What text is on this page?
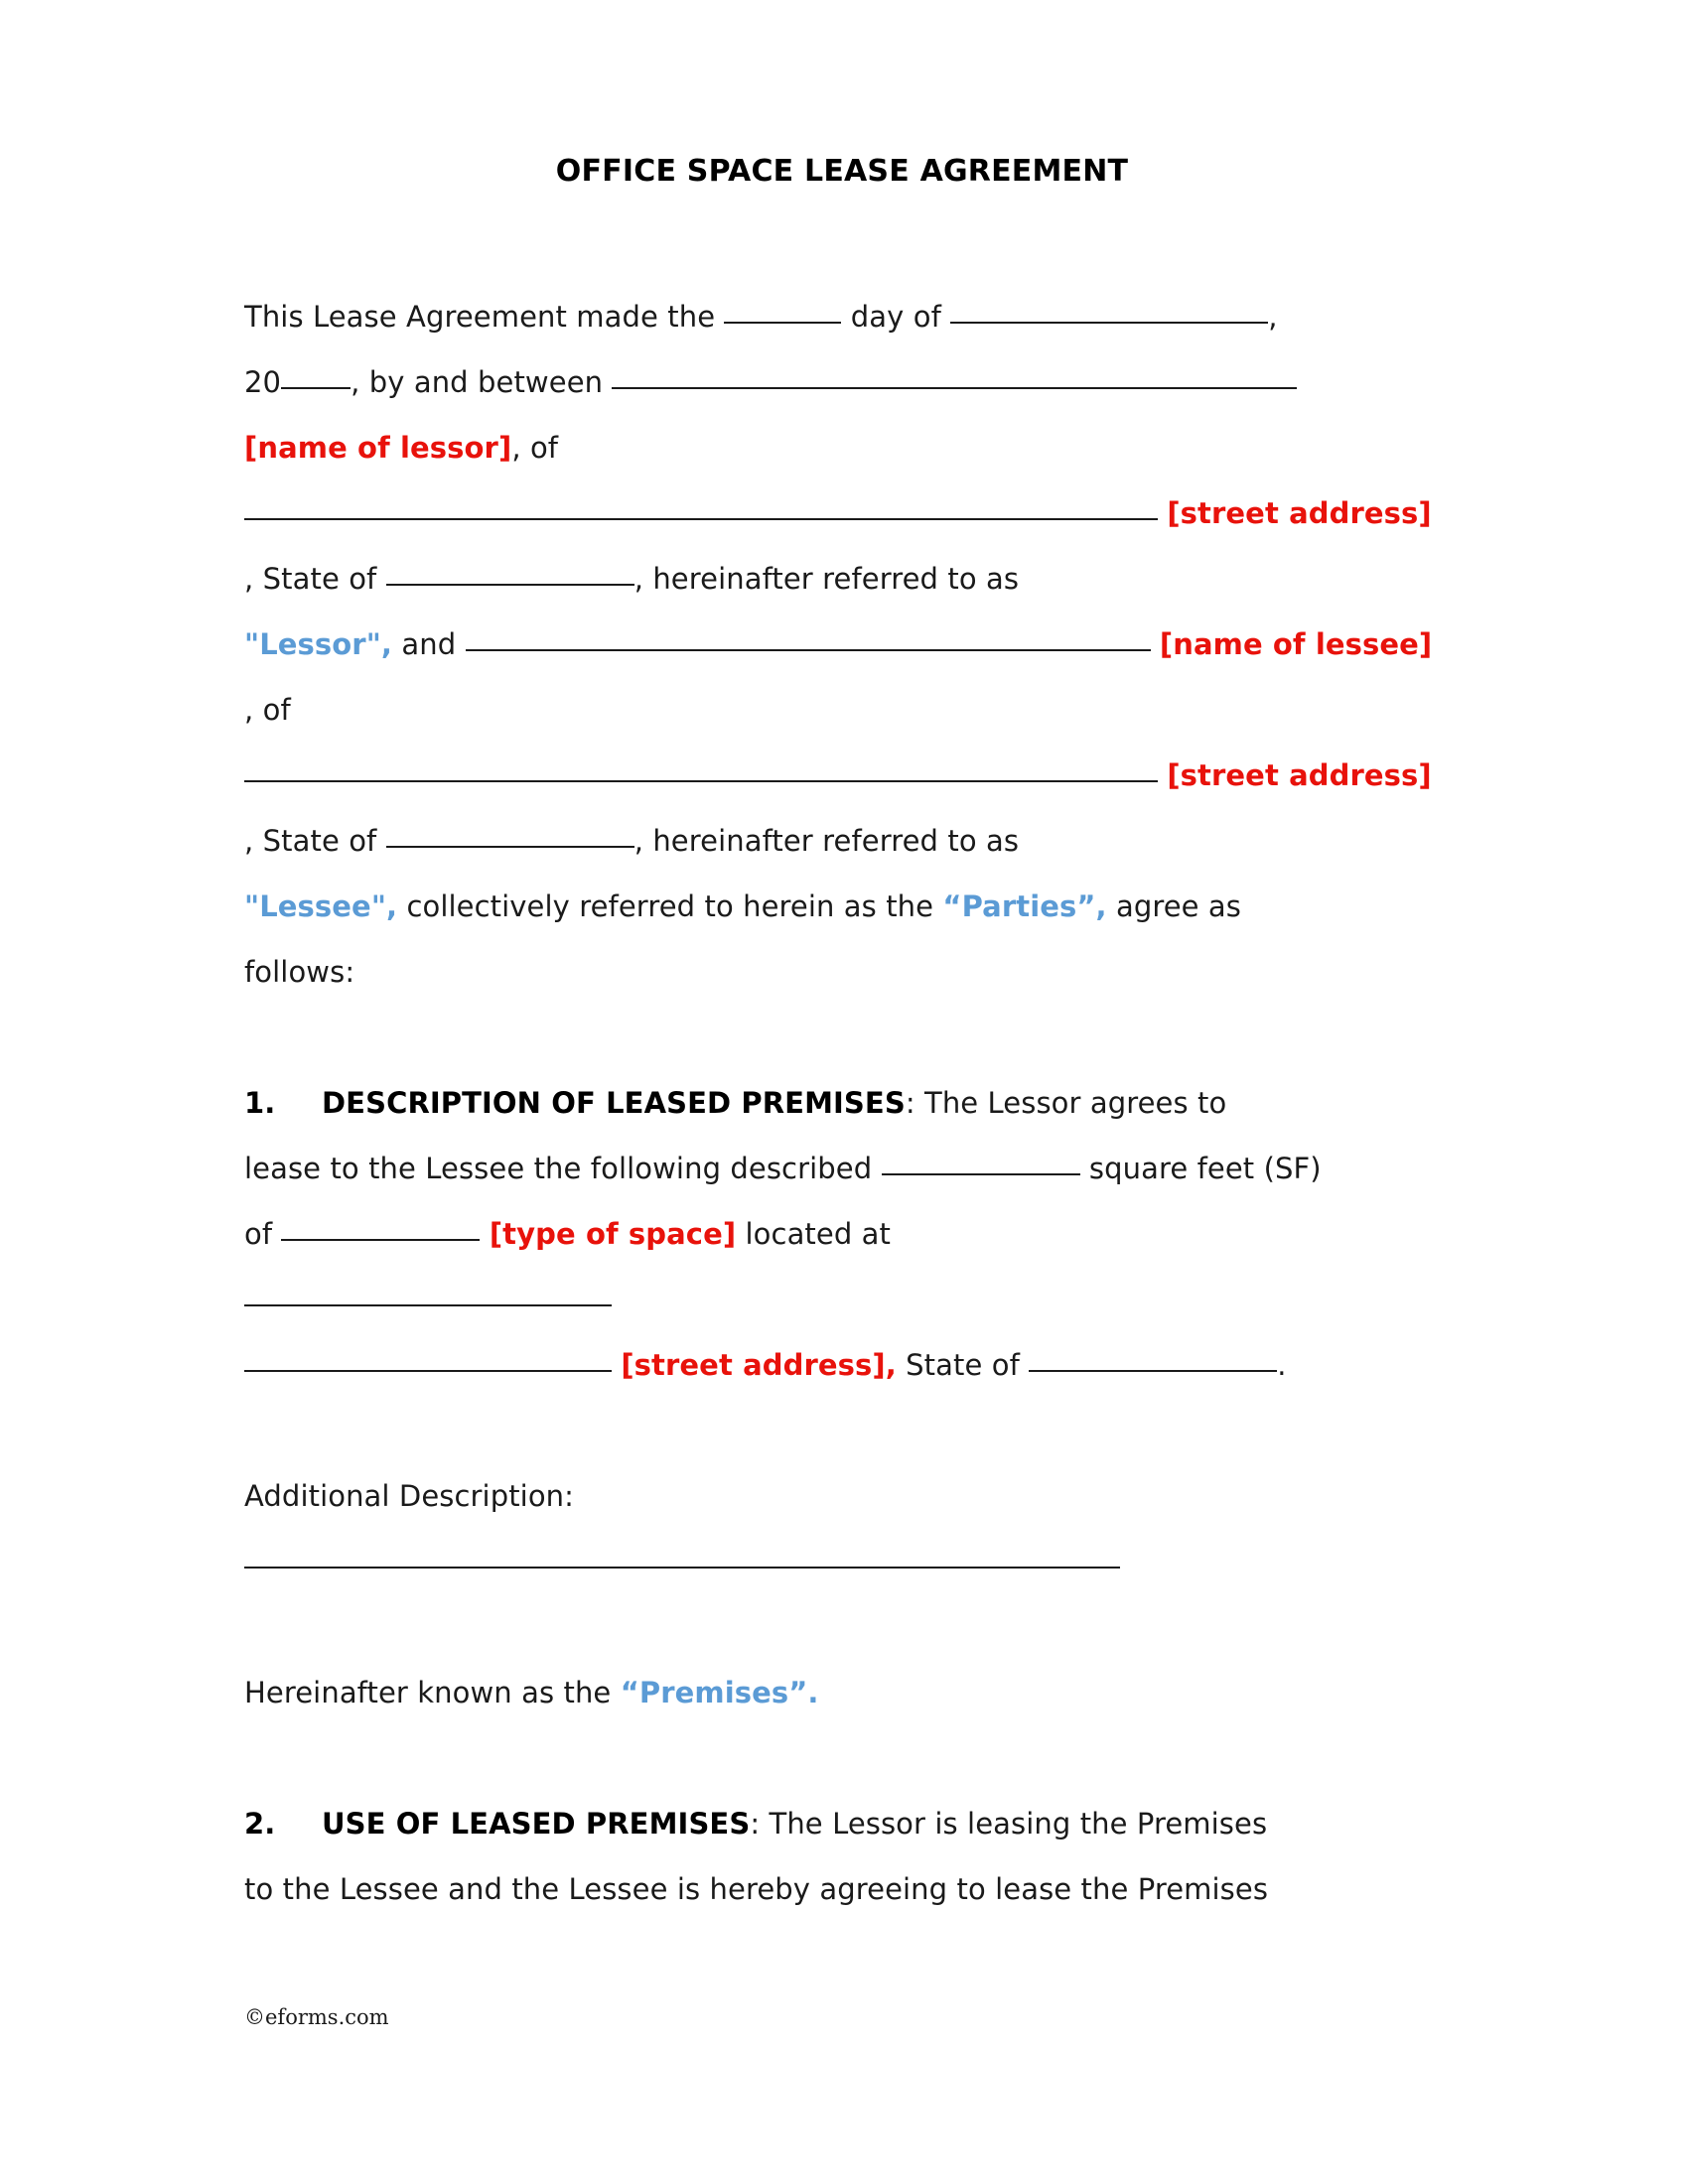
OFFICE SPACE LEASE AGREEMENT

This Lease Agreement made the	day of	,
20 , by and between
[name of lessor], of
[street address]
, State of	, hereinafter referred to as
"Lessor", and	[name of lessee]
, of
[street address]
, State of	, hereinafter referred to as
"Lessee", collectively referred to herein as the “Parties”, agree as
follows:

1. DESCRIPTION OF LEASED PREMISES: The Lessor agrees to
lease to the Lessee the following described	square feet (SF)
of	[type of space] located at

[street address], State of	.

Additional Description:

Hereinafter known as the “Premises”.

2. USE OF LEASED PREMISES: The Lessor is leasing the Premises
to the Lessee and the Lessee is hereby agreeing to lease the Premises

©eforms.com
